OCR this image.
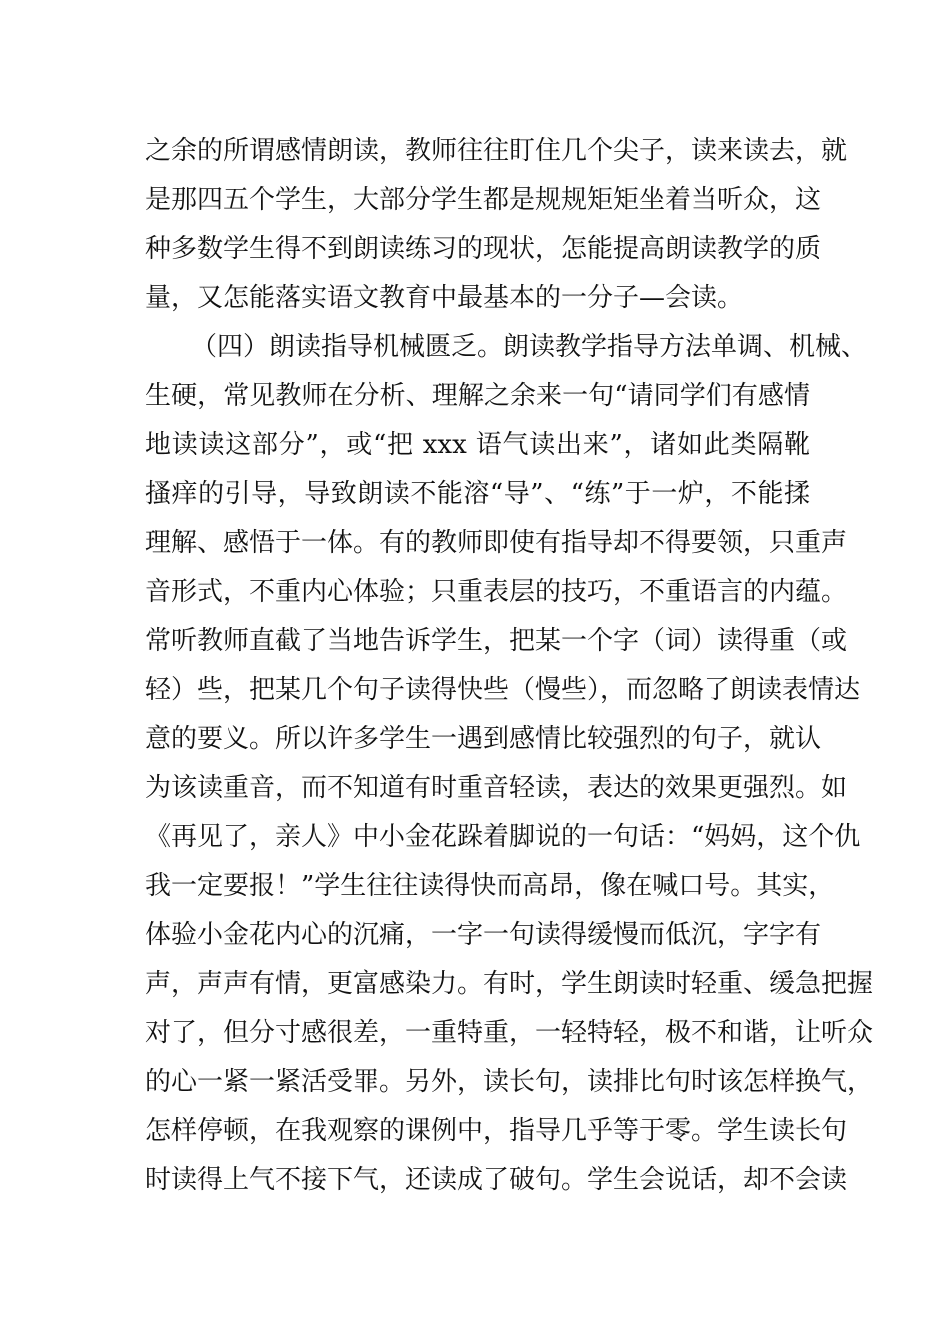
之余的所谓感情朗读，教师往往盯住几个尖子，读来读去，就
是那四五个学生，大部分学生都是规规矩矩坐着当听众，这
种多数学生得不到朗读练习的现状，怎能提高朗读教学的质
量，又怎能落实语文教育中最基本的一分子—会读。
（四）朗读指导机械匮乏。朗读教学指导方法单调、机械、
生硬，常见教师在分析、理解之余来一句“请同学们有感情
地读读这部分”，或“把 xxx 语气读出来”，诸如此类隔靴
搔痒的引导，导致朗读不能溶“导”、“练”于一炉，不能揉
理解、感悟于一体。有的教师即使有指导却不得要领，只重声
音形式，不重内心体验；只重表层的技巧，不重语言的内蕴。
常听教师直截了当地告诉学生，把某一个字（词）读得重（或
轻）些，把某几个句子读得快些（慢些），而忽略了朗读表情达
意的要义。所以许多学生一遇到感情比较强烈的句子，就认
为该读重音，而不知道有时重音轻读，表达的效果更强烈。如
《再见了，亲人》中小金花跺着脚说的一句话：“妈妈，这个仇
我一定要报！”学生往往读得快而高昂，像在喊口号。其实，
体验小金花内心的沉痛，一字一句读得缓慢而低沉，字字有
声，声声有情，更富感染力。有时，学生朗读时轻重、缓急把握
对了，但分寸感很差，一重特重，一轻特轻，极不和谐，让听众
的心一紧一紧活受罪。另外，读长句，读排比句时该怎样换气，
怎样停顿，在我观察的课例中，指导几乎等于零。学生读长句
时读得上气不接下气，还读成了破句。学生会说话，却不会读
